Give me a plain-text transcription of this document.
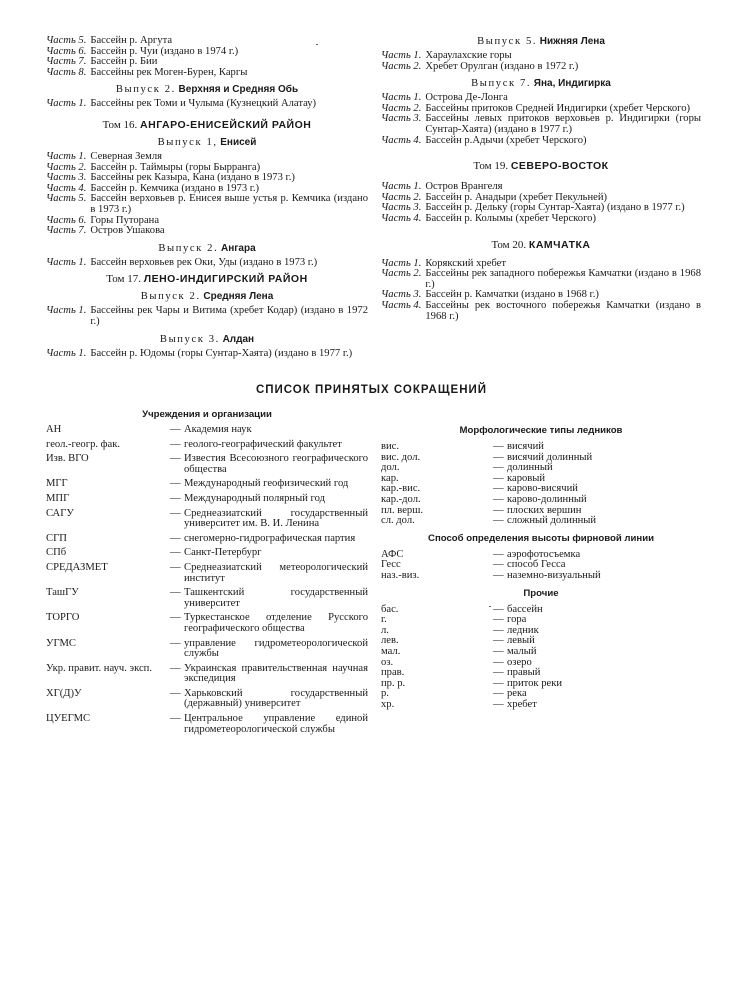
Часть 5. Бассейн р. Аргута
Часть 6. Бассейн р. Чуи (издано в 1974 г.)
Часть 7. Бассейн р. Бии
Часть 8. Бассейны рек Моген-Бурен, Каргы
Выпуск 2. Верхняя и Средняя Обь
Часть 1. Бассейны рек Томи и Чулыма (Кузнецкий Алатау)
Том 16. АНГАРО-ЕНИСЕЙСКИЙ РАЙОН
Выпуск 1, Енисей
Часть 1. Северная Земля
Часть 2. Бассейн р. Таймыры (горы Бырранга)
Часть 3. Бассейны рек Казыра, Кана (издано в 1973 г.)
Часть 4. Бассейн р. Кемчика (издано в 1973 г.)
Часть 5. Бассейн верховьев р. Енисея выше устья р. Кемчика (издано в 1973 г.)
Часть 6. Горы Путорана
Часть 7. Остров Ушакова
Выпуск 2. Ангара
Часть 1. Бассейн верховьев рек Оки, Уды (издано в 1973 г.)
Том 17. ЛЕНО-ИНДИГИРСКИЙ РАЙОН
Выпуск 2. Средняя Лена
Часть 1. Бассейны рек Чары и Витима (хребет Кодар) (издано в 1972 г.)
Выпуск 3. Алдан
Часть 1. Бассейн р. Юдомы (горы Сунтар-Хаята) (издано в 1977 г.)
Выпуск 5. Нижняя Лена
Часть 1. Хараулахские горы
Часть 2. Хребет Орулган (издано в 1972 г.)
Выпуск 7. Яна, Индигирка
Часть 1. Острова Де-Лонга
Часть 2. Бассейны притоков Средней Индигирки (хребет Черского)
Часть 3. Бассейны левых притоков верховьев р. Индигирки (горы Сунтар-Хаята) (издано в 1977 г.)
Часть 4. Бассейн р.Адычи (хребет Черского)
Том 19. СЕВЕРО-ВОСТОК
Часть 1. Остров Врангеля
Часть 2. Бассейн р. Анадыри (хребет Пекульней)
Часть 3. Бассейн р. Дельку (горы Сунтар-Хаята) (издано в 1977 г.)
Часть 4. Бассейн р. Колымы (хребет Черского)
Том 20. КАМЧАТКА
Часть 1. Корякский хребет
Часть 2. Бассейны рек западного побережья Камчатки (издано в 1968 г.)
Часть 3. Бассейн р. Камчатки (издано в 1968 г.)
Часть 4. Бассейны рек восточного побережья Камчатки (издано в 1968 г.)
СПИСОК ПРИНЯТЫХ СОКРАЩЕНИЙ
Учреждения и организации
АН	— Академия наук
геол.-геогр. фак.	— геолого-географический факультет
Изв. ВГО	— Известия Всесоюзного географического общества
МГГ	— Международный геофизический год
МПГ	— Международный полярный год
САГУ	— Среднеазиатский государственный университет им. В. И. Ленина
СГП	— снегомерно-гидрографическая партия
СПб	— Санкт-Петербург
СРЕДАЗМЕТ	— Среднеазиатский метеорологический институт
ТашГУ	— Ташкентский государственный университет
ТОРГО	— Туркестанское отделение Русского географического общества
УГМС	— управление гидрометеорологической службы
Укр. правит. науч. эксп.	— Украинская правительственная научная экспедиция
ХГ(Д)У	— Харьковский государственный (державный) университет
ЦУЕГМС	— Центральное управление единой гидрометеорологической службы
Морфологические типы ледников
вис.	— висячий
вис. дол.	— висячий долинный
дол.	— долинный
кар.	— каровый
кар.-вис.	— карово-висячий
кар.-дол.	— карово-долинный
пл. верш.	— плоских вершин
сл. дол.	— сложный долинный
Способ определения высоты фирновой линии
АФС	— аэрофотосъемка
Гесс	— способ Гесса
наз.-виз.	— наземно-визуальный
Прочие
бас.	— бассейн
г.	— гора
л.	— ледник
лев.	— левый
мал.	— малый
оз.	— озеро
прав.	— правый
пр. р.	— приток реки
р.	— река
хр.	— хребет
